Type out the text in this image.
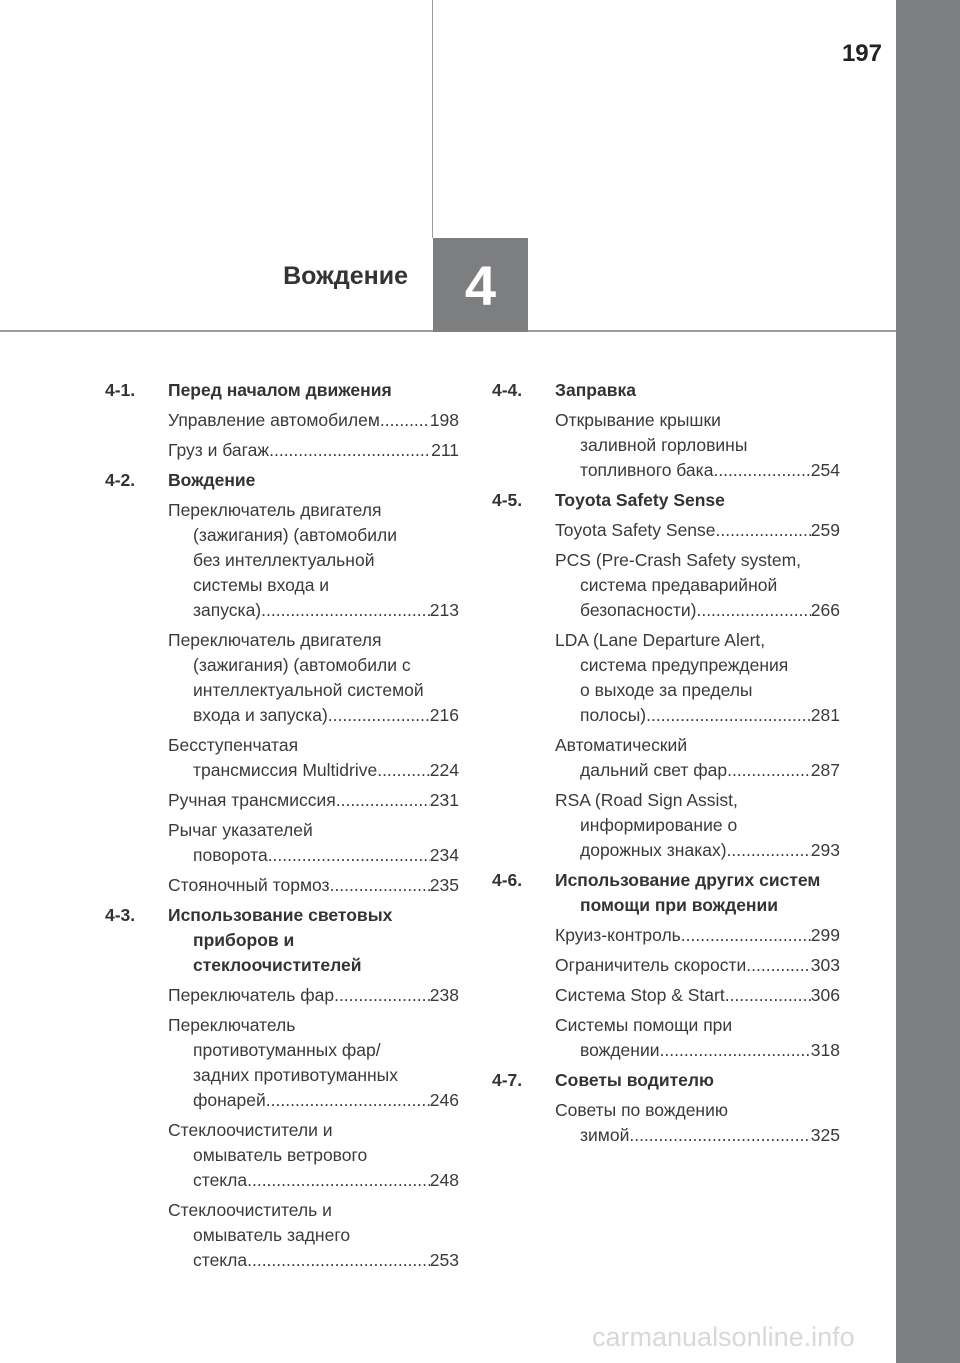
197
4
Вождение
4-1.	Перед началом движения
Управление автомобилем .....	198
Груз и багаж .....	211
4-2.	Вождение
Переключатель двигателя
(зажигания) (автомобили
без интеллектуальной
системы входа и
запуска) .....	213
Переключатель двигателя
(зажигания) (автомобили с
интеллектуальной системой
входа и запуска) .....	216
Бесступенчатая
трансмиссия Multidrive .....	224
Ручная трансмиссия .....	231
Рычаг указателей
поворота .....	234
Стояночный тормоз .....	235
4-3.	Использование световых

приборов и
стеклоочистителей
Переключатель фар .....	238
Переключатель
противотуманных фар/
задних противотуманных
фонарей .....	246
Стеклоочистители и
омыватель ветрового
стекла .....	248
Стеклоочиститель и
омыватель заднего
стекла .....	253
4-4.	Заправка
Открывание крышки
заливной горловины
топливного бака .....	254
4-5.	Toyota Safety Sense
Toyota Safety Sense .....	259
PCS (Pre-Crash Safety system,
система предаварийной
безопасности) .....	266
LDA (Lane Departure Alert,
система предупреждения
о выходе за пределы
полосы) .....	281
Автоматический
дальний свет фар .....	287
RSA (Road Sign Assist,
информирование о
дорожных знаках) .....	293
4-6.	Использование других систем

помощи при вождении
Круиз-контроль .....	299
Ограничитель скорости .....	303
Система Stop & Start .....	306
Системы помощи при
вождении .....	318
4-7.	Советы водителю
Советы по вождению
зимой .....	325
carmanualsonline.info
